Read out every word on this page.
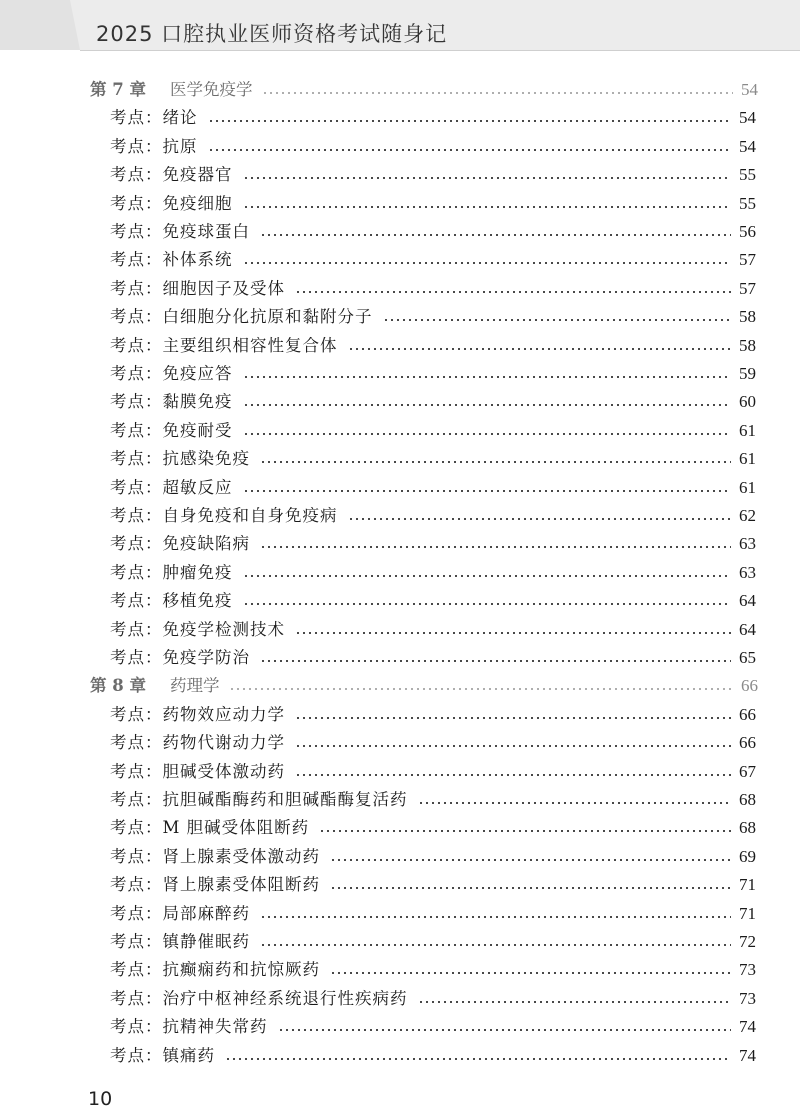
2025 口腔执业医师资格考试随身记
第 7 章 医学免疫学	54
考点： 绪论	54
考点： 抗原	54
考点： 免疫器官	55
考点： 免疫细胞	55
考点： 免疫球蛋白	56
考点： 补体系统	57
考点： 细胞因子及受体	57
考点： 白细胞分化抗原和黏附分子	58
考点： 主要组织相容性复合体	58
考点： 免疫应答	59
考点： 黏膜免疫	60
考点： 免疫耐受	61
考点： 抗感染免疫	61
考点： 超敏反应	61
考点： 自身免疫和自身免疫病	62
考点： 免疫缺陷病	63
考点： 肿瘤免疫	63
考点： 移植免疫	64
考点： 免疫学检测技术	64
考点： 免疫学防治	65
第 8 章 药理学	66
考点： 药物效应动力学	66
考点： 药物代谢动力学	66
考点： 胆碱受体激动药	67
考点： 抗胆碱酯酶药和胆碱酯酶复活药	68
考点： M 胆碱受体阻断药	68
考点： 肾上腺素受体激动药	69
考点： 肾上腺素受体阻断药	71
考点： 局部麻醉药	71
考点： 镇静催眠药	72
考点： 抗癫痫药和抗惊厥药	73
考点： 治疗中枢神经系统退行性疾病药	73
考点： 抗精神失常药	74
考点： 镇痛药	74
10
